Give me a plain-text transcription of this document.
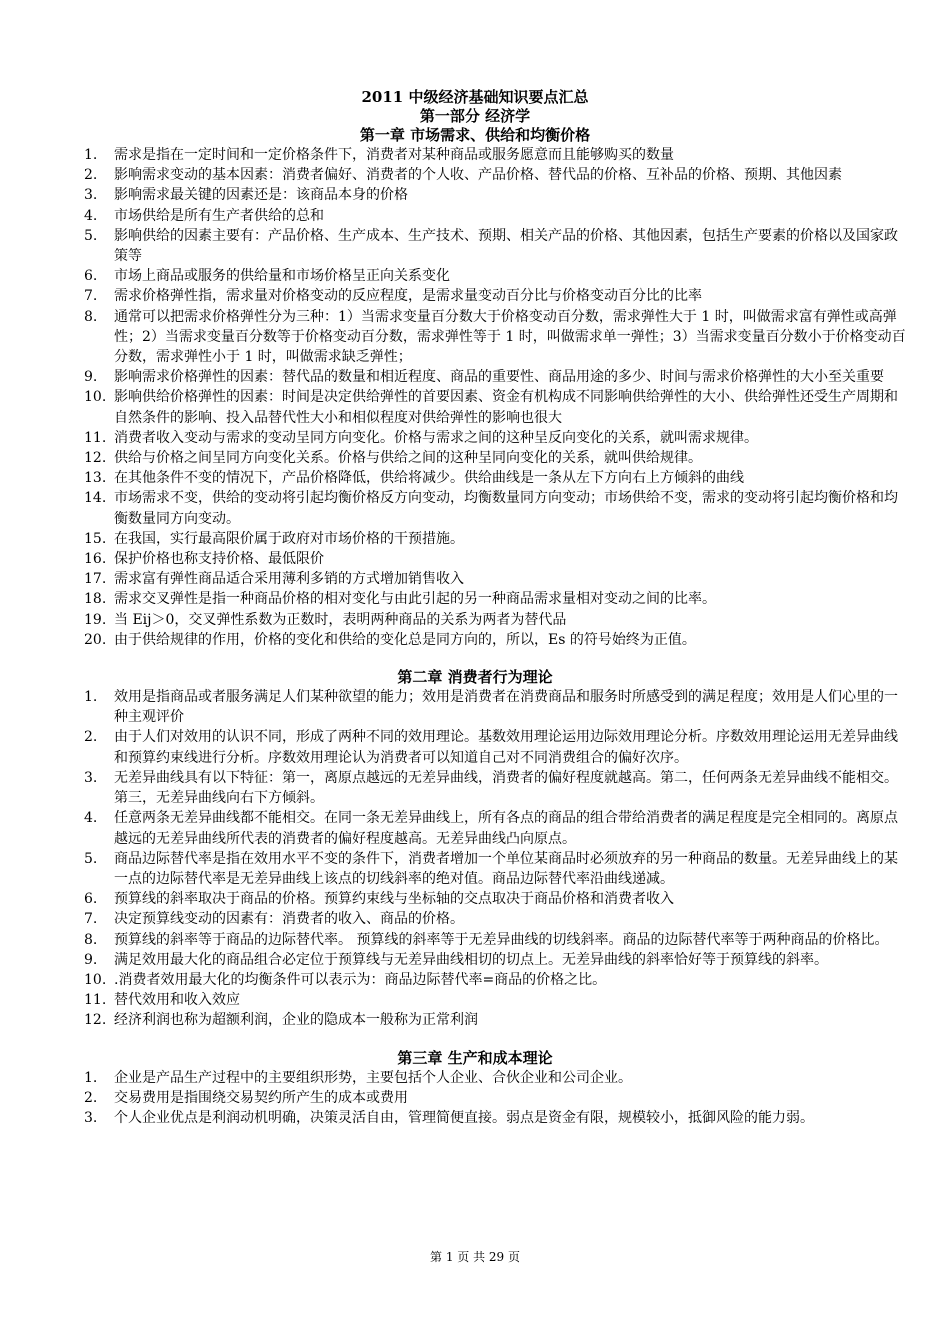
2011 中级经济基础知识要点汇总

第一部分 经济学

第一章 市场需求、供给和均衡价格

1. 需求是指在一定时间和一定价格条件下，消费者对某种商品或服务愿意而且能够购买的数量
2. 影响需求变动的基本因素：消费者偏好、消费者的个人收、产品价格、替代品的价格、互补品的价格、预期、其他因素
3. 影响需求最关键的因素还是：该商品本身的价格
4. 市场供给是所有生产者供给的总和
5. 影响供给的因素主要有：产品价格、生产成本、生产技术、预期、相关产品的价格、其他因素，包括生产要素的价格以及国家政策等
6. 市场上商品或服务的供给量和市场价格呈正向关系变化
7. 需求价格弹性指，需求量对价格变动的反应程度，是需求量变动百分比与价格变动百分比的比率
8. 通常可以把需求价格弹性分为三种：1）当需求变量百分数大于价格变动百分数，需求弹性大于 1 时，叫做需求富有弹性或高弹性；2）当需求变量百分数等于价格变动百分数，需求弹性等于 1 时，叫做需求单一弹性；3）当需求变量百分数小于价格变动百分数，需求弹性小于 1 时，叫做需求缺乏弹性；
9. 影响需求价格弹性的因素：替代品的数量和相近程度、商品的重要性、商品用途的多少、时间与需求价格弹性的大小至关重要
10. 影响供给价格弹性的因素：时间是决定供给弹性的首要因素、资金有机构成不同影响供给弹性的大小、供给弹性还受生产周期和自然条件的影响、投入品替代性大小和相似程度对供给弹性的影响也很大
11. 消费者收入变动与需求的变动呈同方向变化。价格与需求之间的这种呈反向变化的关系，就叫需求规律。
12. 供给与价格之间呈同方向变化关系。价格与供给之间的这种呈同向变化的关系，就叫供给规律。
13. 在其他条件不变的情况下，产品价格降低，供给将减少。供给曲线是一条从左下方向右上方倾斜的曲线
14. 市场需求不变，供给的变动将引起均衡价格反方向变动，均衡数量同方向变动；市场供给不变，需求的变动将引起均衡价格和均衡数量同方向变动。
15. 在我国，实行最高限价属于政府对市场价格的干预措施。
16. 保护价格也称支持价格、最低限价
17. 需求富有弹性商品适合采用薄利多销的方式增加销售收入
18. 需求交叉弹性是指一种商品价格的相对变化与由此引起的另一种商品需求量相对变动之间的比率。
19. 当 Eij＞0，交叉弹性系数为正数时，表明两种商品的关系为两者为替代品
20. 由于供给规律的作用，价格的变化和供给的变化总是同方向的，所以，Es 的符号始终为正值。

第二章 消费者行为理论

1. 效用是指商品或者服务满足人们某种欲望的能力；效用是消费者在消费商品和服务时所感受到的满足程度；效用是人们心里的一种主观评价
2. 由于人们对效用的认识不同，形成了两种不同的效用理论。基数效用理论运用边际效用理论分析。序数效用理论运用无差异曲线和预算约束线进行分析。序数效用理论认为消费者可以知道自己对不同消费组合的偏好次序。
3. 无差异曲线具有以下特征：第一，离原点越远的无差异曲线，消费者的偏好程度就越高。第二，任何两条无差异曲线不能相交。第三，无差异曲线向右下方倾斜。
4. 任意两条无差异曲线都不能相交。在同一条无差异曲线上，所有各点的商品的组合带给消费者的满足程度是完全相同的。离原点越远的无差异曲线所代表的消费者的偏好程度越高。无差异曲线凸向原点。
5. 商品边际替代率是指在效用水平不变的条件下，消费者增加一个单位某商品时必须放弃的另一种商品的数量。无差异曲线上的某一点的边际替代率是无差异曲线上该点的切线斜率的绝对值。商品边际替代率沿曲线递减。
6. 预算线的斜率取决于商品的价格。预算约束线与坐标轴的交点取决于商品价格和消费者收入
7. 决定预算线变动的因素有：消费者的收入、商品的价格。
8. 预算线的斜率等于商品的边际替代率。 预算线的斜率等于无差异曲线的切线斜率。商品的边际替代率等于两种商品的价格比。
9. 满足效用最大化的商品组合必定位于预算线与无差异曲线相切的切点上。无差异曲线的斜率恰好等于预算线的斜率。
10. .消费者效用最大化的均衡条件可以表示为：商品边际替代率=商品的价格之比。
11. 替代效用和收入效应
12. 经济利润也称为超额利润，企业的隐成本一般称为正常利润

第三章 生产和成本理论

1. 企业是产品生产过程中的主要组织形势，主要包括个人企业、合伙企业和公司企业。
2. 交易费用是指围绕交易契约所产生的成本或费用
3. 个人企业优点是利润动机明确，决策灵活自由，管理简便直接。弱点是资金有限，规模较小，抵御风险的能力弱。
第 1 页 共 29 页
